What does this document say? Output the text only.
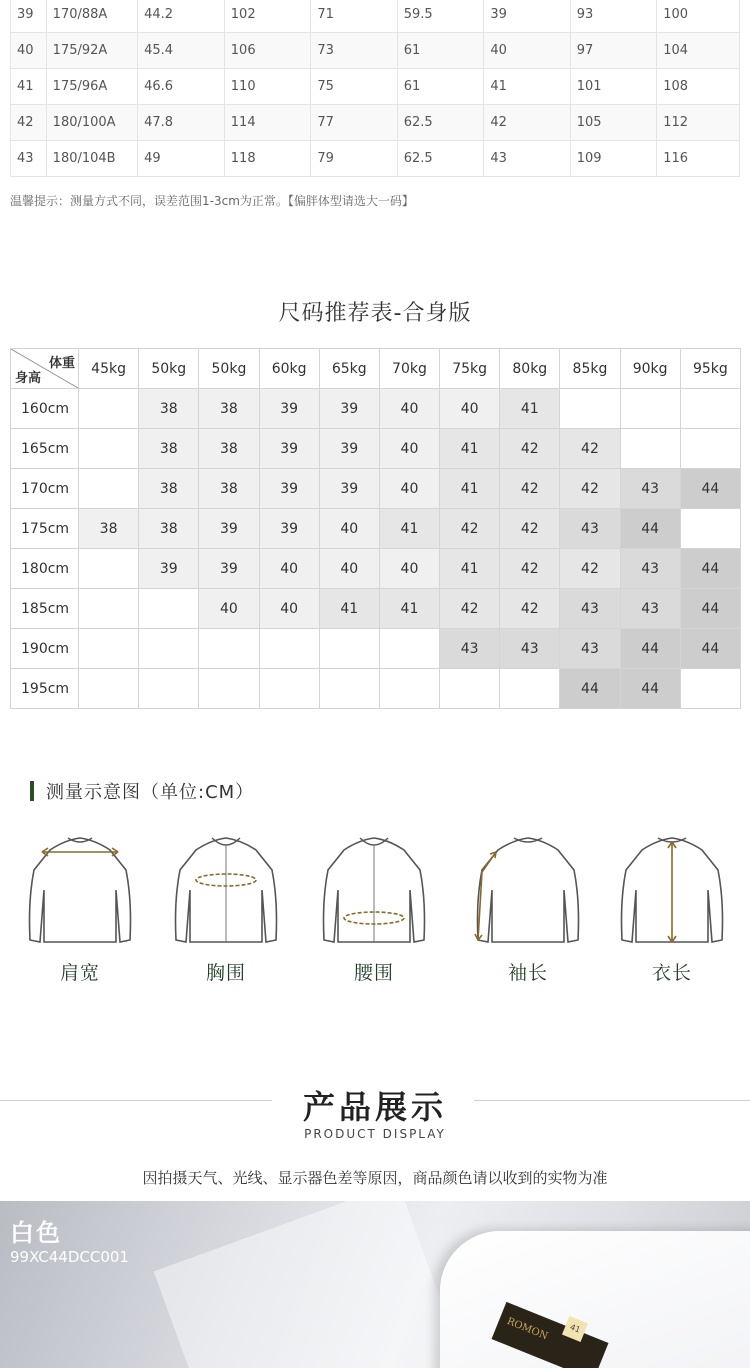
39	170/88A	44.2	102	71	59.5	39	93	100
40	175/92A	45.4	106	73	61	40	97	104
41	175/96A	46.6	110	75	61	41	101	108
42	180/100A	47.8	114	77	62.5	42	105	112
43	180/104B	49	118	79	62.5	43	109	116
温馨提示：测量方式不同，误差范围1-3cm为正常。【偏胖体型请选大一码】
尺码推荐表-合身版
体重
身高	45kg	50kg	50kg	60kg	65kg	70kg	75kg	80kg	85kg	90kg	95kg
160cm		38	38	39	39	40	40	41			
165cm		38	38	39	39	40	41	42	42		
170cm		38	38	39	39	40	41	42	42	43	44
175cm	38	38	39	39	40	41	42	42	43	44	
180cm		39	39	40	40	40	41	42	42	43	44
185cm			40	40	41	41	42	42	43	43	44
190cm							43	43	43	44	44
195cm									44	44	
测量示意图（单位:CM）
肩宽	胸围	腰围	袖长	衣长
产品展示
PRODUCT DISPLAY
因拍摄天气、光线、显示器色差等原因，商品颜色请以收到的实物为准
ROMON	41
白色
99XC44DCC001
